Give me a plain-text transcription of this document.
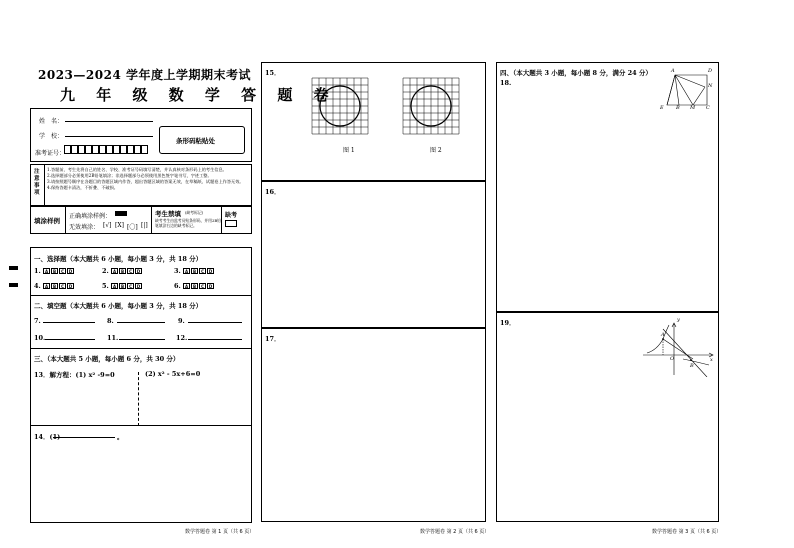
2023—2024 学年度上学期期末考试
九 年 级 数 学 答 题 卷
姓　名：
学　校：
准考证号：
条形码粘贴处
注意事项
1.答题前，考生先将自己的姓名、学校、准考证号码填写清楚，并认真核对条形码上的考生信息。
2.选择题部分必须使用2B铅笔填涂；非选择题部分必须使用黑色签字笔书写，字迹工整。
3.请按照题号顺序在各题目的答题区域内作答，超出答题区域的答案无效，在草稿纸、试题卷上作答无效。
4.保持答题卡清洁，不折叠、不破损。
填涂样例
正确填涂样例：
无效填涂： [√] [X] [〇] [|]
考生禁填 (缺考标记)
缺考考生由监考员贴条形码，并用2B铅笔填涂右边的缺考标记。
缺考
一、选择题（本大题共 6 小题，每小题 3 分，共 18 分）
1. A B C D	2. A B C D	3. A B C D
4. A B C D	5. A B C D	6. A B C D
二、填空题（本大题共 6 小题，每小题 3 分，共 18 分）
7.	8.	9.
10.	11.	12.
三、（本大题共 5 小题，每小题 6 分，共 30 分）
13．解方程：(1) x² -9=0	(2) x² - 5x+6=0
14．(1)	。
数学答题卷 第 1 页（共 6 页）
15．
图 1	图 2
16．
17．
数学答题卷 第 2 页（共 6 页）
四、（本大题共 3 小题，每小题 8 分，满分 24 分）
18.
A	D
N
E B M C
19．	y
A
O
B
x
数学答题卷 第 3 页（共 6 页）
